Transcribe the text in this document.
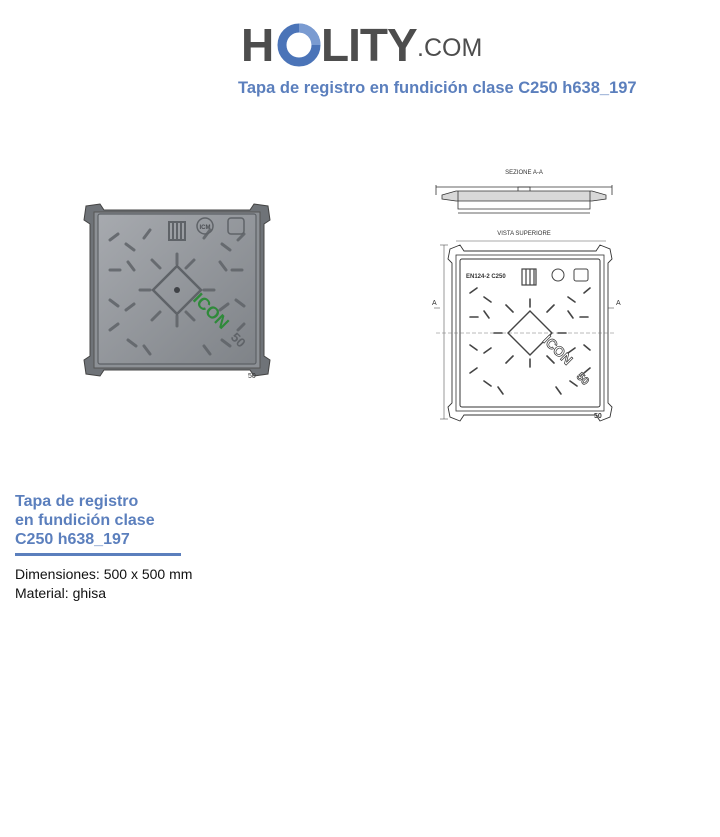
H LITY .COM
Tapa de registro en fundición clase C250 h638_197
ICM
ICON
50
50
SEZIONE A-A
VISTA SUPERIORE
EN124-2 C250
A	A
ICON
50
50
Tapa de registro
en fundición clase
C250 h638_197
Dimensiones: 500 x 500 mm
Material: ghisa
